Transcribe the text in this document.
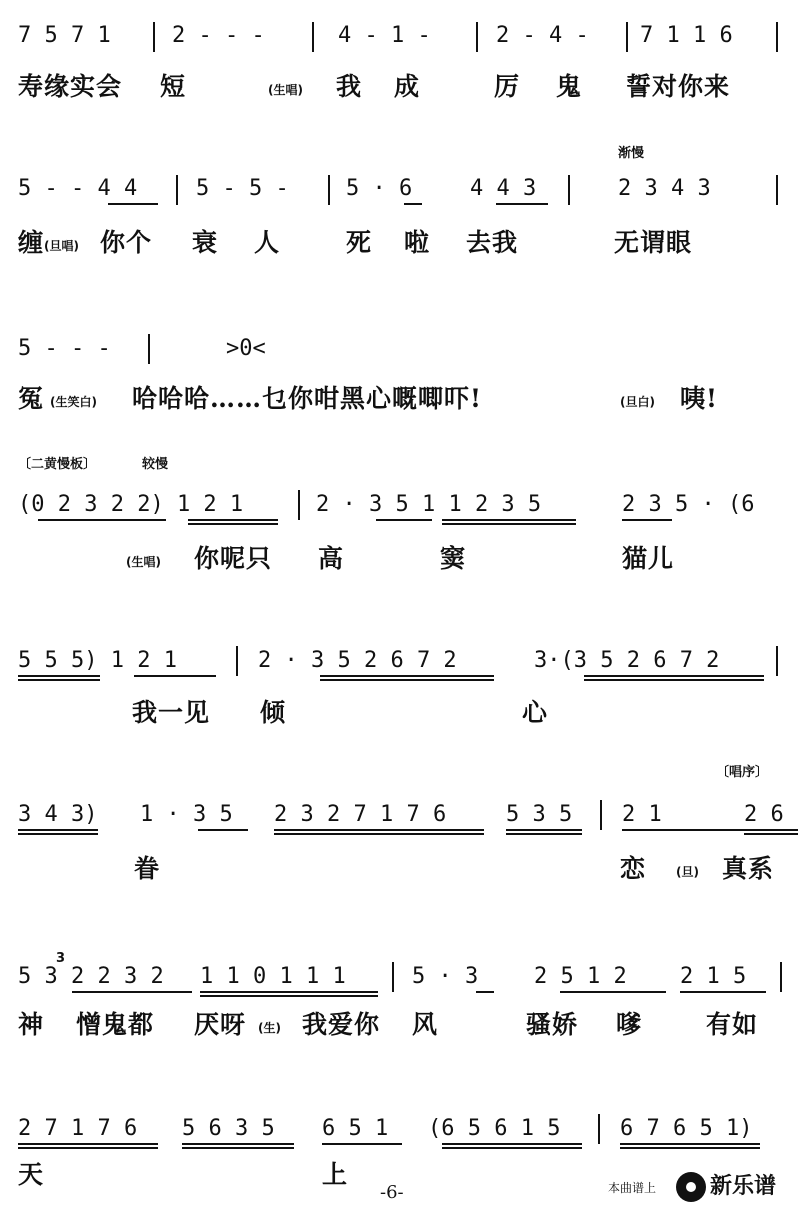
7 5 7 1	2 - - -	4 - 1 -	2 - 4 - 7 1 1 6
寿缘实会 短	(生唱) 我 成	厉 鬼 誓对你来
渐慢
5 - - 4 4	5 - 5 -	5 · 6	4 4 3	2 3 4 3
缠 (旦唱) 你个 衰 人	死 啦 去我	无谓眼
5 - - -	>0<
冤 (生笑白) 哈哈哈……乜你咁黑心嘅唧吓!	(旦白) 咦!
〔二黄慢板〕	较慢
(0 2 3 2 2) 1 2 1	2 · 3 5 1 1 2 3 5	2 3 5 · (6
(生唱) 你呢只 高	窦	猫儿
5 5 5) 1 2 1	2 · 3 5 2 6 7 2	3·(3 5 2 6 7 2
我一见 倾	心
〔唱序〕
3 4 3) 1 · 3 5 2 3 2 7 1 7 6	5 3 5 2 1	2 6
眷	恋 (旦) 真系
3
5 3 2 2 3 2 1 1 0 1 1 1	5 · 3	2 5 1 2 2 1 5
神 憎鬼都 厌呀 (生) 我爱你 风	骚娇 嗲	有如
2 7 1 7 6 5 6 3 5 6 5 1 (6 5 6 1 5	6 7 6 5 1)
天	上
-6-	本曲谱上 新乐谱
